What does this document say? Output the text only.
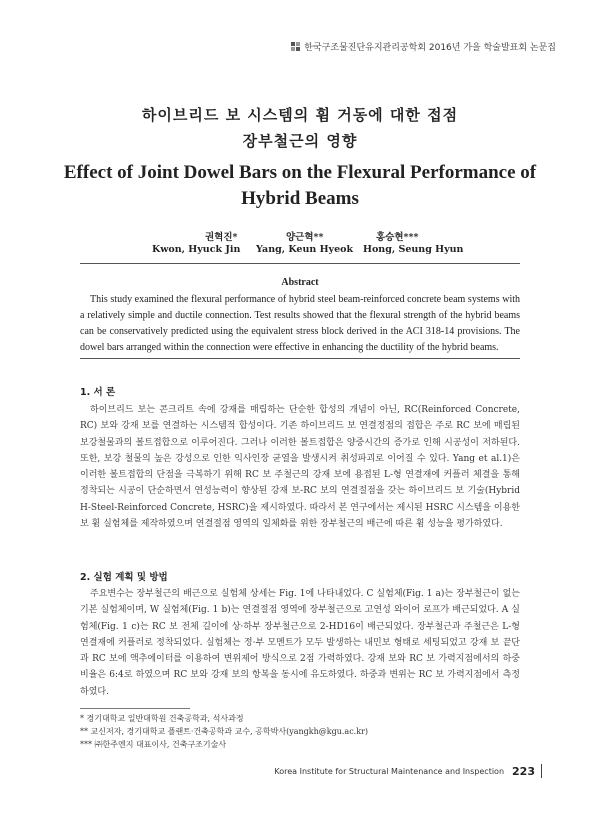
한국구조물진단유지관리공학회 2016년 가을 학술발표회 논문집
하이브리드 보 시스템의 휨 거동에 대한 접점
장부철근의 영향
Effect of Joint Dowel Bars on the Flexural Performance of
Hybrid Beams
권혁진*	양근혁**	홍승현***
Kwon, Hyuck Jin Yang, Keun Hyeok Hong, Seung Hyun
Abstract

This study examined the flexural performance of hybrid steel beam-reinforced concrete beam systems with a relatively simple and ductile connection. Test results showed that the flexural strength of the hybrid beams can be conservatively predicted using the equivalent stress block derived in the ACI 318-14 provisions. The dowel bars arranged within the connection were effective in enhancing the ductility of the hybrid beams.

1. 서 론

하이브리드 보는 콘크리트 속에 강재를 매립하는 단순한 합성의 개념이 아닌, RC(Reinforced Concrete, RC) 보와 강재 보를 연결하는 시스템적 합성이다. 기존 하이브리드 보 연결정점의 접합은 주로 RC 보에 매립된 보강철물과의 볼트접합으로 이루어진다. 그러나 이러한 볼트접합은 양중시간의 증가로 인해 시공성이 저하된다. 또한, 보강 철물의 높은 강성으로 인한 익사인장 균열을 발생시켜 취성파괴로 이어질 수 있다. Yang et al.1)은 이러한 볼트접합의 단점을 극복하기 위해 RC 보 주철근의 강재 보에 용접된 L-형 연결재에 커플러 체결을 통해 정착되는 시공이 단순하면서 연성능력이 향상된 강재 보-RC 보의 연결절점을 갖는 하이브리드 보 기술(Hybrid H-Steel-Reinforced Concrete, HSRC)을 제시하였다. 따라서 본 연구에서는 제시된 HSRC 시스템을 이용한 보 휨 실험체를 제작하였으며 연결절점 영역의 일체화를 위한 장부철근의 배근에 따른 휨 성능을 평가하였다.

2. 실험 계획 및 방법

주요변수는 장부철근의 배근으로 실험체 상세는 Fig. 1에 나타내었다. C 실험체(Fig. 1 a)는 장부철근이 없는 기본 실험체이며, W 실험체(Fig. 1 b)는 연결절점 영역에 장부철근으로 고연성 와이어 로프가 배근되었다. A 실험체(Fig. 1 c)는 RC 보 전체 길이에 상·하부 장부철근으로 2-HD16이 배근되었다. 장부철근과 주철근은 L-형 연결재에 커플러로 정착되었다. 실험체는 정·부 모멘트가 모두 발생하는 내민보 형태로 세팅되었고 강재 보 끝단과 RC 보에 액추에이터를 이용하여 변위제어 방식으로 2점 가력하였다. 강재 보와 RC 보 가력지점에서의 하중비율은 6:4로 하였으며 RC 보와 강재 보의 항복을 동시에 유도하였다. 하중과 변위는 RC 보 가력지점에서 측정하였다.

* 경기대학교 일반대학원 건축공학과, 석사과정
** 교신저자, 경기대학교 플랜트·건축공학과 교수, 공학박사(yangkh@kgu.ac.kr)
*** ㈜한주엔지 대표이사, 건축구조기술사
Korea Institute for Structural Maintenance and Inspection 223
